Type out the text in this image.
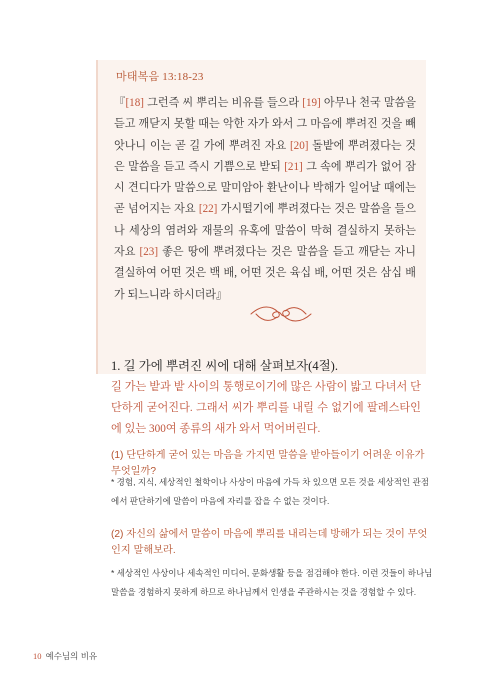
마태복음 13:18-23
『[18] 그런즉 씨 뿌리는 비유를 들으라 [19] 아무나 천국 말씀을 듣고 깨닫지 못할 때는 악한 자가 와서 그 마음에 뿌려진 것을 빼앗나니 이는 곧 길 가에 뿌려진 자요 [20] 돌밭에 뿌려졌다는 것은 말씀을 듣고 즉시 기쁨으로 받되 [21] 그 속에 뿌리가 없어 잠시 견디다가 말씀으로 말미암아 환난이나 박해가 일어날 때에는 곧 넘어지는 자요 [22] 가시떨기에 뿌려졌다는 것은 말씀을 들으나 세상의 염려와 재물의 유혹에 말씀이 막혀 결실하지 못하는 자요 [23] 좋은 땅에 뿌려졌다는 것은 말씀을 듣고 깨닫는 자니 결실하여 어떤 것은 백 배, 어떤 것은 육십 배, 어떤 것은 삼십 배가 되느니라 하시더라』
1. 길 가에 뿌려진 씨에 대해 살펴보자(4절).
길 가는 밭과 밭 사이의 통행로이기에 많은 사람이 밟고 다녀서 단단하게 굳어진다. 그래서 씨가 뿌리를 내릴 수 없기에 팔레스타인에 있는 300여 종류의 새가 와서 먹어버린다.
(1) 단단하게 굳어 있는 마음을 가지면 말씀을 받아들이기 어려운 이유가 무엇일까?
* 경험, 지식, 세상적인 철학이나 사상이 마음에 가득 차 있으면 모든 것을 세상적인 관점에서 판단하기에 말씀이 마음에 자리를 잡을 수 없는 것이다.
(2) 자신의 삶에서 말씀이 마음에 뿌리를 내리는데 방해가 되는 것이 무엇인지 말해보라.
* 세상적인 사상이나 세속적인 미디어, 문화생활 등을 점검해야 한다. 이런 것들이 하나님 말씀을 경험하지 못하게 하므로 하나님께서 인생을 주관하시는 것을 경험할 수 있다.
10 예수님의 비유
